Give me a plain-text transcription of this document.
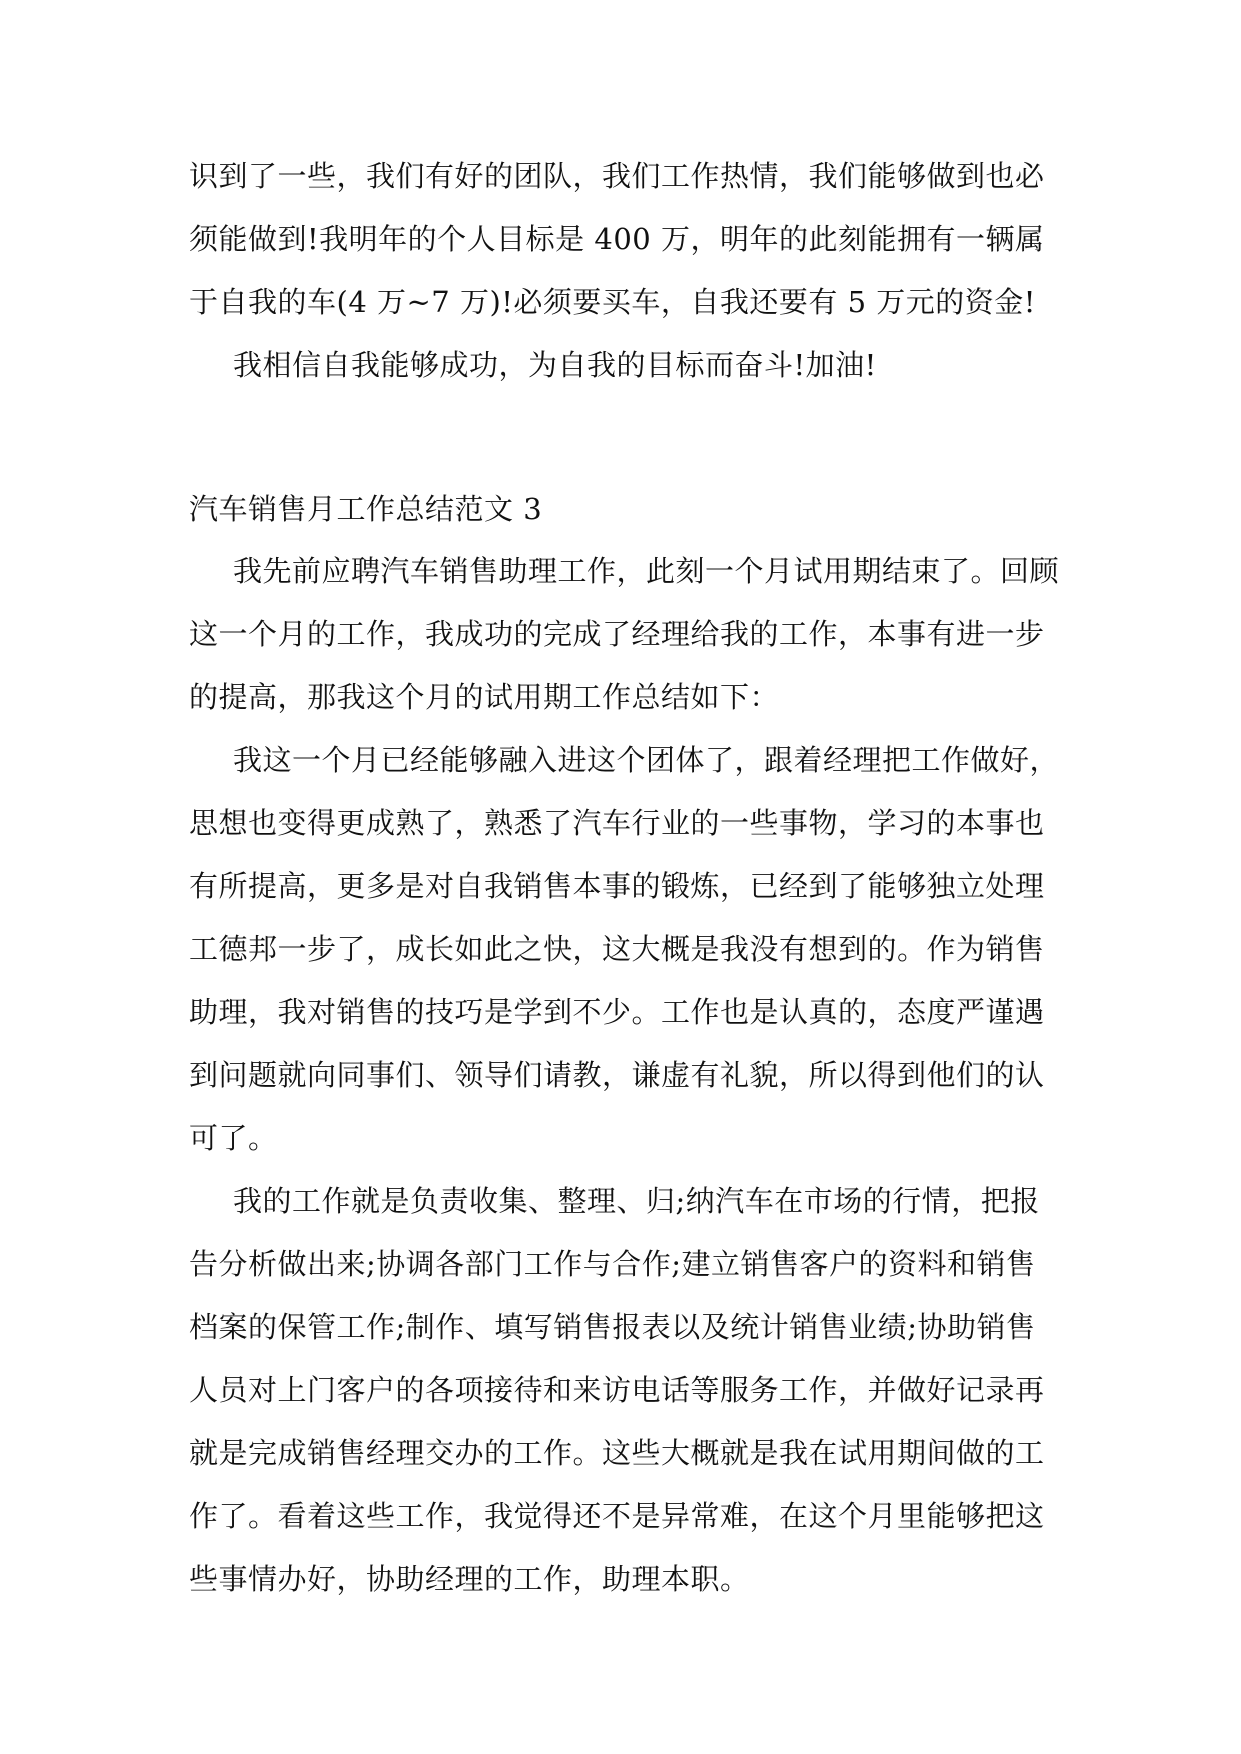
识到了一些，我们有好的团队，我们工作热情，我们能够做到也必须能做到!我明年的个人目标是 400 万，明年的此刻能拥有一辆属于自我的车(4 万~7 万)!必须要买车，自我还要有 5 万元的资金!

我相信自我能够成功，为自我的目标而奋斗!加油!

汽车销售月工作总结范文 3

我先前应聘汽车销售助理工作，此刻一个月试用期结束了。回顾这一个月的工作，我成功的完成了经理给我的工作，本事有进一步的提高，那我这个月的试用期工作总结如下：

我这一个月已经能够融入进这个团体了，跟着经理把工作做好，思想也变得更成熟了，熟悉了汽车行业的一些事物，学习的本事也有所提高，更多是对自我销售本事的锻炼，已经到了能够独立处理工德邦一步了，成长如此之快，这大概是我没有想到的。作为销售助理，我对销售的技巧是学到不少。工作也是认真的，态度严谨遇到问题就向同事们、领导们请教，谦虚有礼貌，所以得到他们的认可了。

我的工作就是负责收集、整理、归;纳汽车在市场的行情，把报告分析做出来;协调各部门工作与合作;建立销售客户的资料和销售档案的保管工作;制作、填写销售报表以及统计销售业绩;协助销售人员对上门客户的各项接待和来访电话等服务工作，并做好记录再就是完成销售经理交办的工作。这些大概就是我在试用期间做的工作了。看着这些工作，我觉得还不是异常难，在这个月里能够把这些事情办好，协助经理的工作，助理本职。
